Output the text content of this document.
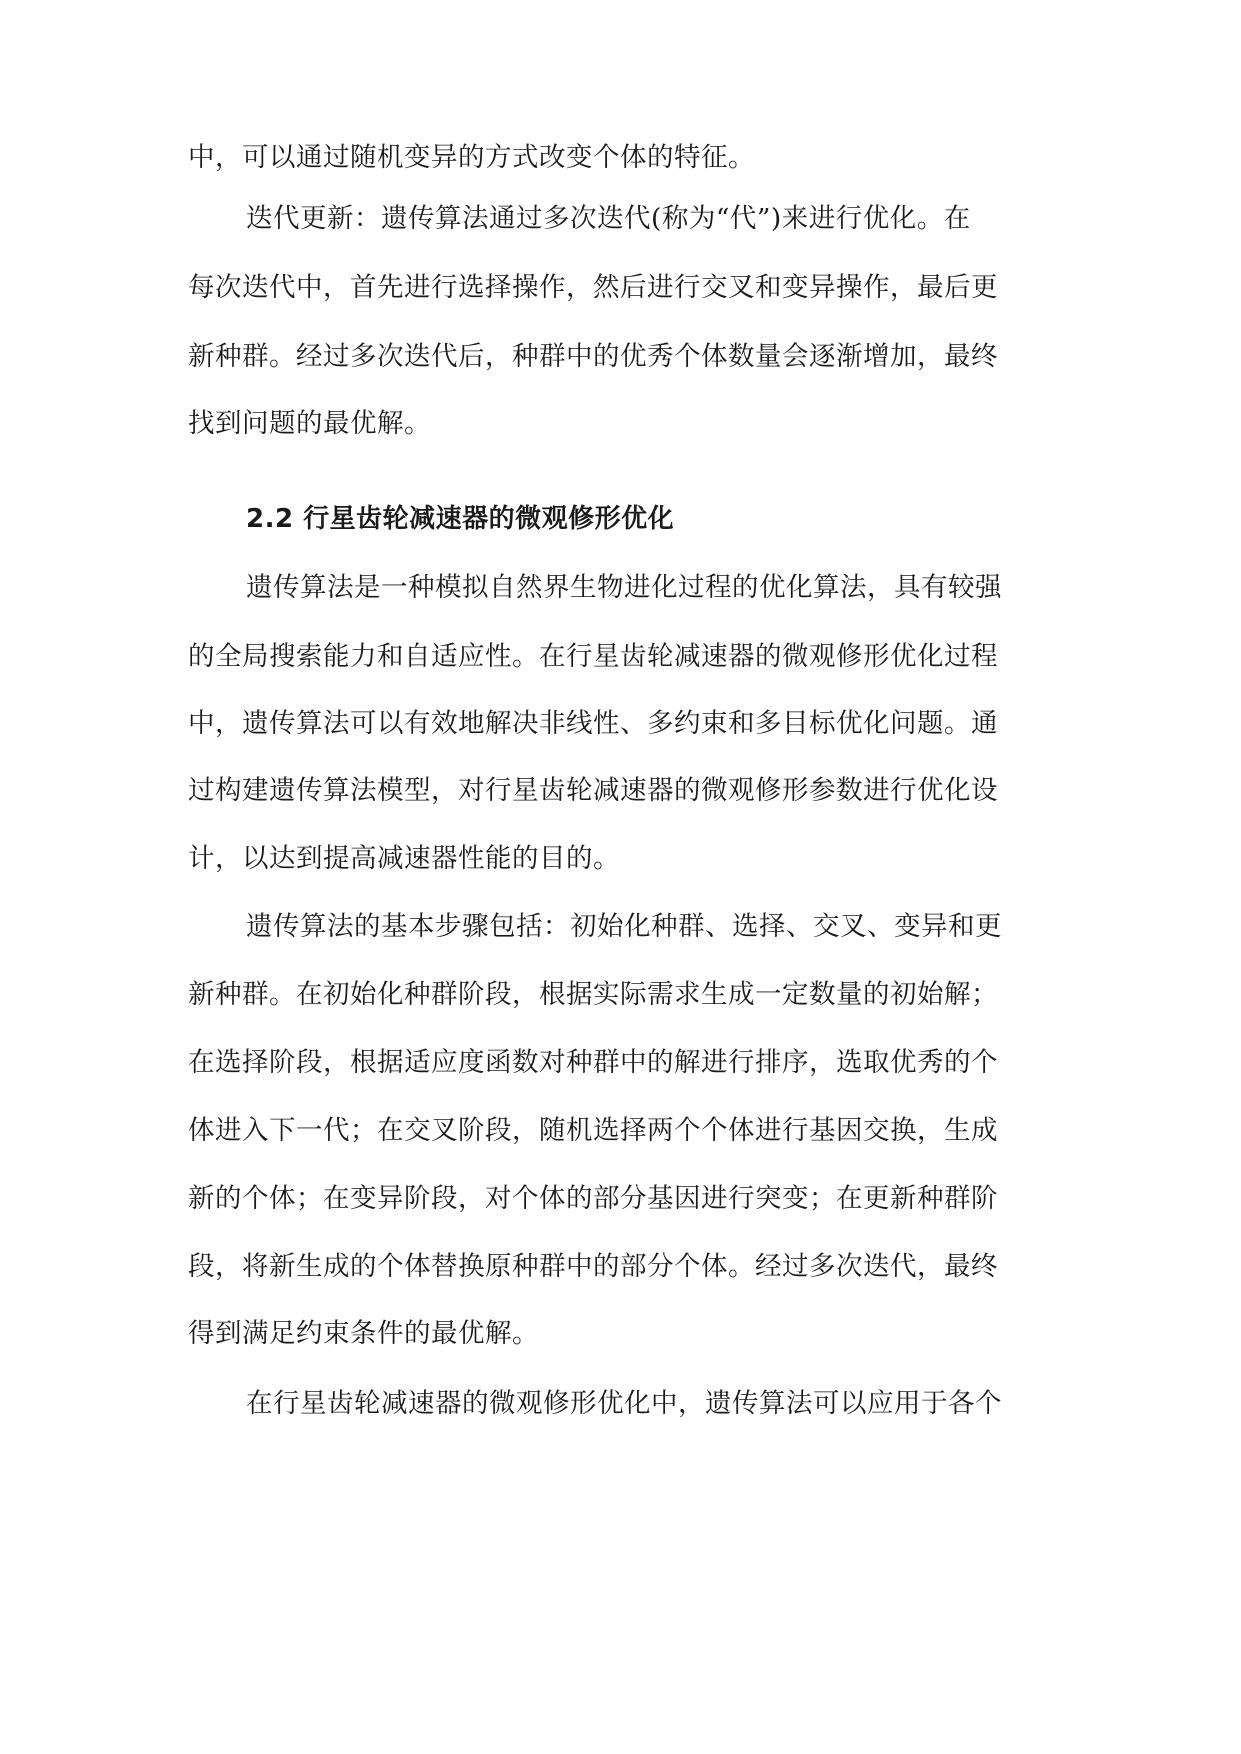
中，可以通过随机变异的方式改变个体的特征。
迭代更新：遗传算法通过多次迭代(称为“代”)来进行优化。在
每次迭代中，首先进行选择操作，然后进行交叉和变异操作，最后更
新种群。经过多次迭代后，种群中的优秀个体数量会逐渐增加，最终
找到问题的最优解。
2.2 行星齿轮减速器的微观修形优化
遗传算法是一种模拟自然界生物进化过程的优化算法，具有较强
的全局搜索能力和自适应性。在行星齿轮减速器的微观修形优化过程
中，遗传算法可以有效地解决非线性、多约束和多目标优化问题。通
过构建遗传算法模型，对行星齿轮减速器的微观修形参数进行优化设
计，以达到提高减速器性能的目的。
遗传算法的基本步骤包括：初始化种群、选择、交叉、变异和更
新种群。在初始化种群阶段，根据实际需求生成一定数量的初始解；
在选择阶段，根据适应度函数对种群中的解进行排序，选取优秀的个
体进入下一代；在交叉阶段，随机选择两个个体进行基因交换，生成
新的个体；在变异阶段，对个体的部分基因进行突变；在更新种群阶
段，将新生成的个体替换原种群中的部分个体。经过多次迭代，最终
得到满足约束条件的最优解。
在行星齿轮减速器的微观修形优化中，遗传算法可以应用于各个
